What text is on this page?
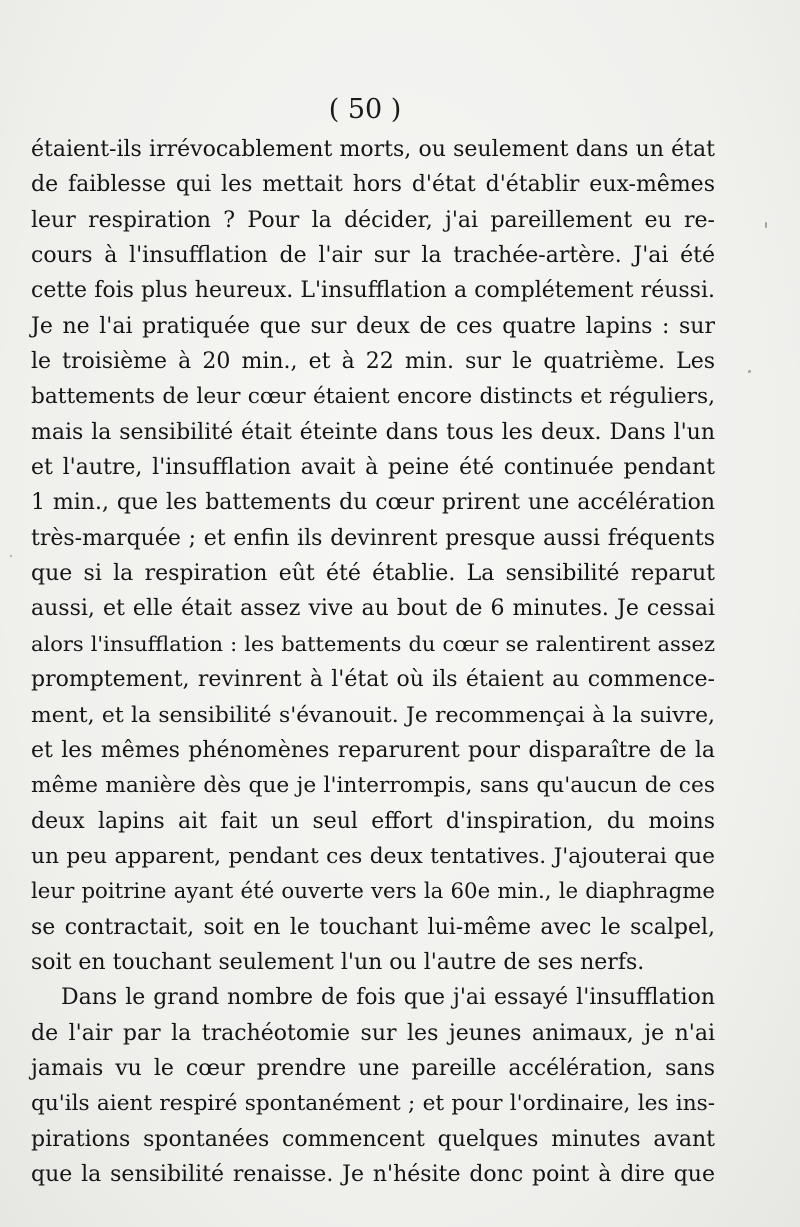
( 50 )
étaient-ils irrévocablement morts, ou seulement dans un état
de faiblesse qui les mettait hors d'état d'établir eux-mêmes
leur respiration ? Pour la décider, j'ai pareillement eu re-
cours à l'insufflation de l'air sur la trachée-artère. J'ai été
cette fois plus heureux. L'insufflation a complétement réussi.
Je ne l'ai pratiquée que sur deux de ces quatre lapins : sur
le troisième à 20 min., et à 22 min. sur le quatrième. Les
battements de leur cœur étaient encore distincts et réguliers,
mais la sensibilité était éteinte dans tous les deux. Dans l'un
et l'autre, l'insufflation avait à peine été continuée pendant
1 min., que les battements du cœur prirent une accélération
très-marquée ; et enfin ils devinrent presque aussi fréquents
que si la respiration eût été établie. La sensibilité reparut
aussi, et elle était assez vive au bout de 6 minutes. Je cessai
alors l'insufflation : les battements du cœur se ralentirent assez
promptement, revinrent à l'état où ils étaient au commence-
ment, et la sensibilité s'évanouit. Je recommençai à la suivre,
et les mêmes phénomènes reparurent pour disparaître de la
même manière dès que je l'interrompis, sans qu'aucun de ces
deux lapins ait fait un seul effort d'inspiration, du moins
un peu apparent, pendant ces deux tentatives. J'ajouterai que
leur poitrine ayant été ouverte vers la 60e min., le diaphragme
se contractait, soit en le touchant lui-même avec le scalpel,
soit en touchant seulement l'un ou l'autre de ses nerfs.
Dans le grand nombre de fois que j'ai essayé l'insufflation
de l'air par la trachéotomie sur les jeunes animaux, je n'ai
jamais vu le cœur prendre une pareille accélération, sans
qu'ils aient respiré spontanément ; et pour l'ordinaire, les ins-
pirations spontanées commencent quelques minutes avant
que la sensibilité renaisse. Je n'hésite donc point à dire que
